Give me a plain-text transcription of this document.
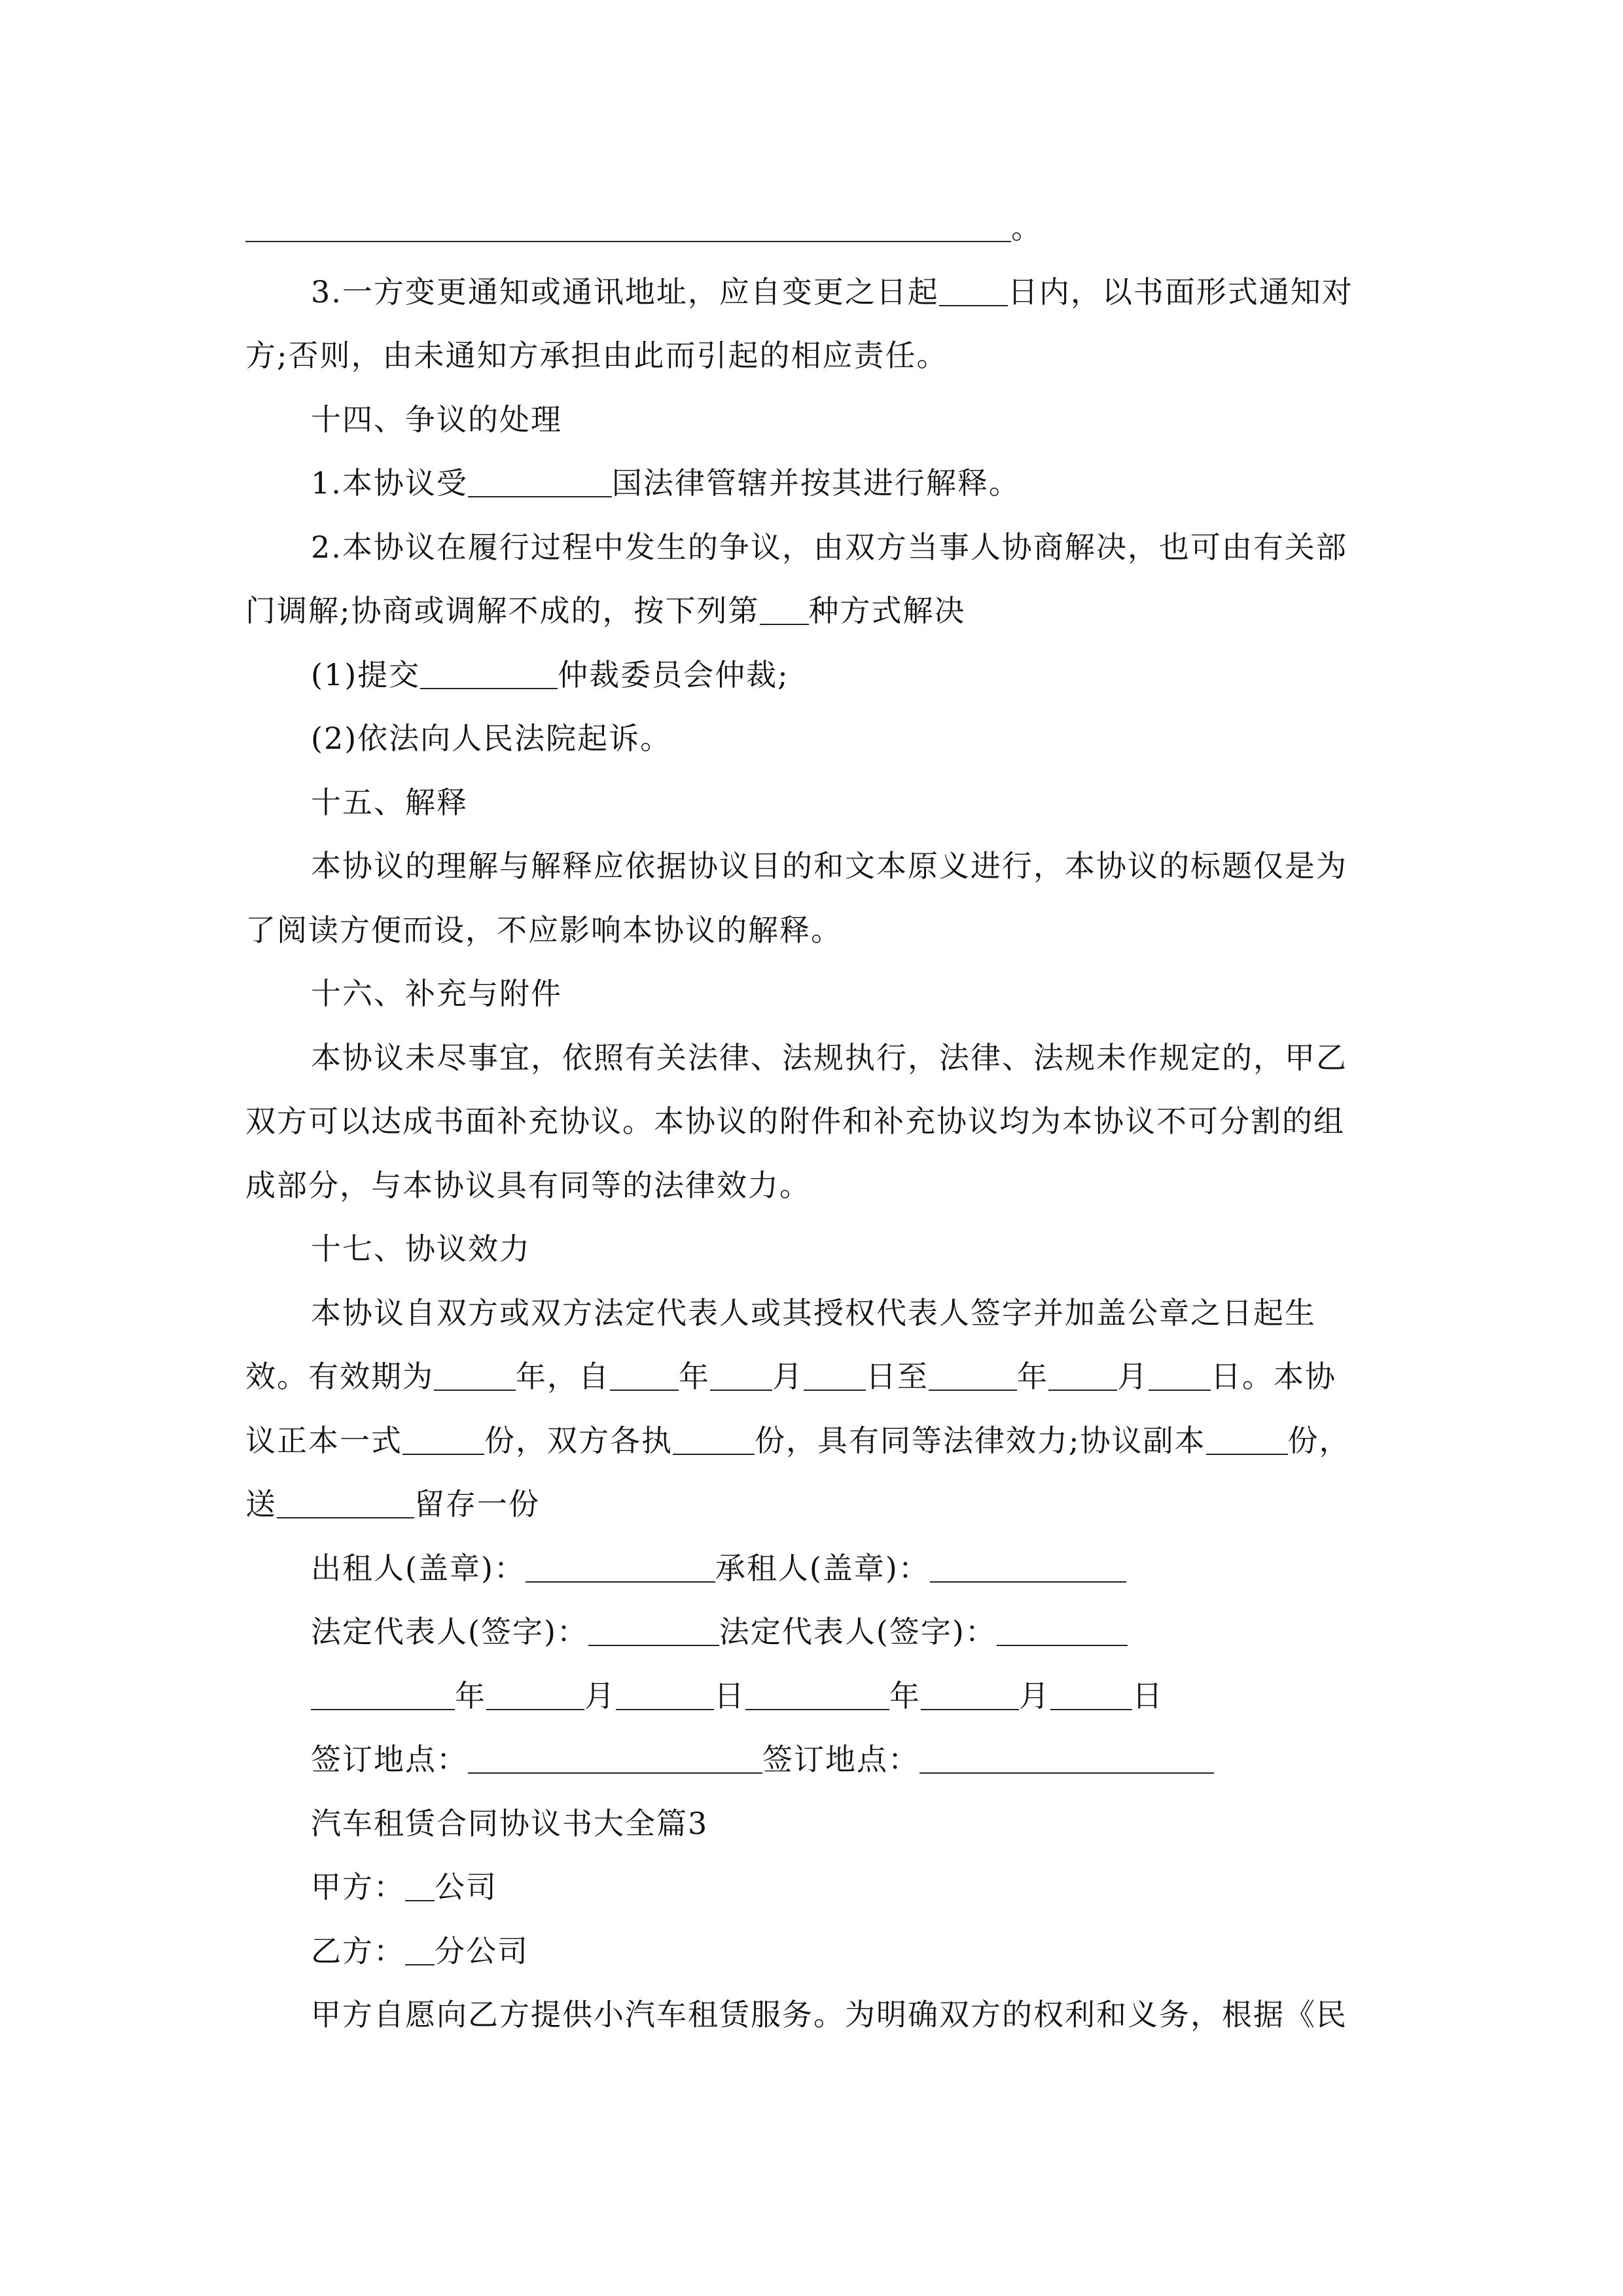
。
3.一方变更通知或通讯地址，应自变更之日起 日内，以书面形式通知对
方;否则，由未通知方承担由此而引起的相应责任。
十四、争议的处理
1.本协议受	国法律管辖并按其进行解释。
2.本协议在履行过程中发生的争议，由双方当事人协商解决，也可由有关部
门调解;协商或调解不成的，按下列第 种方式解决
(1)提交	仲裁委员会仲裁;
(2)依法向人民法院起诉。
十五、解释
本协议的理解与解释应依据协议目的和文本原义进行，本协议的标题仅是为
了阅读方便而设，不应影响本协议的解释。
十六、补充与附件
本协议未尽事宜，依照有关法律、法规执行，法律、法规未作规定的，甲乙
双方可以达成书面补充协议。本协议的附件和补充协议均为本协议不可分割的组
成部分，与本协议具有同等的法律效力。
十七、协议效力
本协议自双方或双方法定代表人或其授权代表人签字并加盖公章之日起生
效。有效期为	年，自 年 月 日至	年 月 日。本协
议正本一式	份，双方各执	份，具有同等法律效力;协议副本	份，
送	留存一份
出租人(盖章)：	承租人(盖章)：
法定代表人(签字)：	法定代表人(签字)：
年	月	日	年	月	日
签订地点：	签订地点：
汽车租赁合同协议书大全篇3
甲方： 公司
乙方： 分公司
甲方自愿向乙方提供小汽车租赁服务。为明确双方的权利和义务，根据《民
